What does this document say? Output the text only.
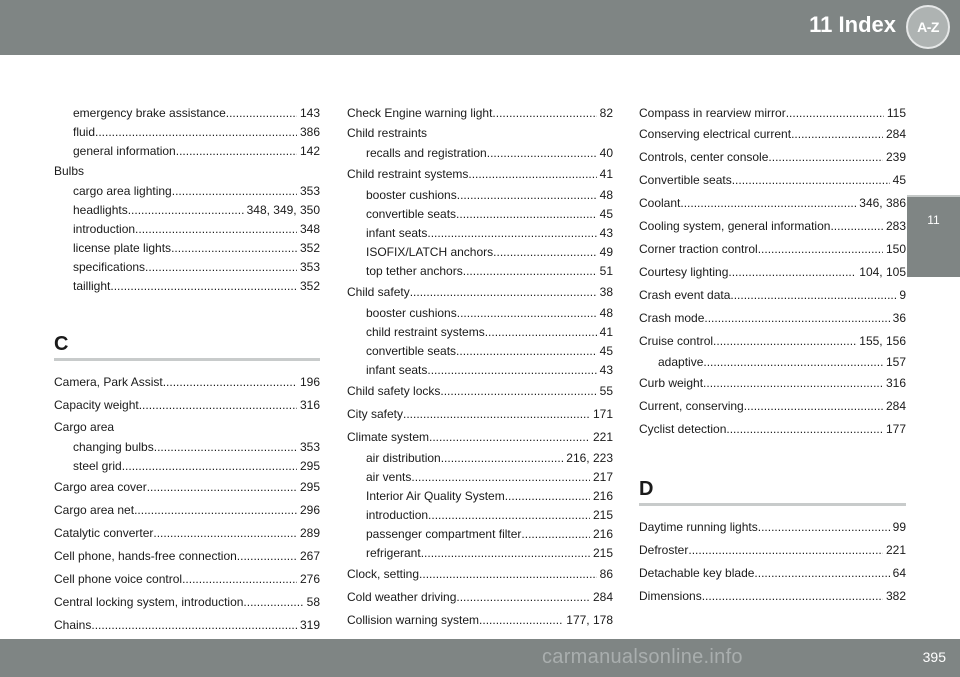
11 Index A-Z
11
emergency brake assistance .....	143
fluid .....	386
general information .....	142
Bulbs
cargo area lighting .....	353
headlights .....	348, 349, 350
introduction .....	348
license plate lights .....	352
specifications .....	353
taillight .....	352
C
Camera, Park Assist .....	196
Capacity weight .....	316
Cargo area
changing bulbs .....	353
steel grid .....	295
Cargo area cover .....	295
Cargo area net .....	296
Catalytic converter .....	289
Cell phone, hands-free connection .....	267
Cell phone voice control .....	276
Central locking system, introduction .....	58
Chains .....	319
Check Engine warning light .....	82
Child restraints
recalls and registration .....	40
Child restraint systems .....	41
booster cushions .....	48
convertible seats .....	45
infant seats .....	43
ISOFIX/LATCH anchors .....	49
top tether anchors .....	51
Child safety .....	38
booster cushions .....	48
child restraint systems .....	41
convertible seats .....	45
infant seats .....	43
Child safety locks .....	55
City safety .....	171
Climate system .....	221
air distribution .....	216, 223
air vents .....	217
Interior Air Quality System .....	216
introduction .....	215
passenger compartment filter .....	216
refrigerant .....	215
Clock, setting .....	86
Cold weather driving .....	284
Collision warning system .....	177, 178
Compass in rearview mirror .....	115
Conserving electrical current .....	284
Controls, center console .....	239
Convertible seats .....	45
Coolant .....	346, 386
Cooling system, general information .....	283
Corner traction control .....	150
Courtesy lighting .....	104, 105
Crash event data .....	9
Crash mode .....	36
Cruise control .....	155, 156
adaptive .....	157
Curb weight .....	316
Current, conserving .....	284
Cyclist detection .....	177
D
Daytime running lights .....	99
Defroster .....	221
Detachable key blade .....	64
Dimensions .....	382
395
carmanualsonline.info
